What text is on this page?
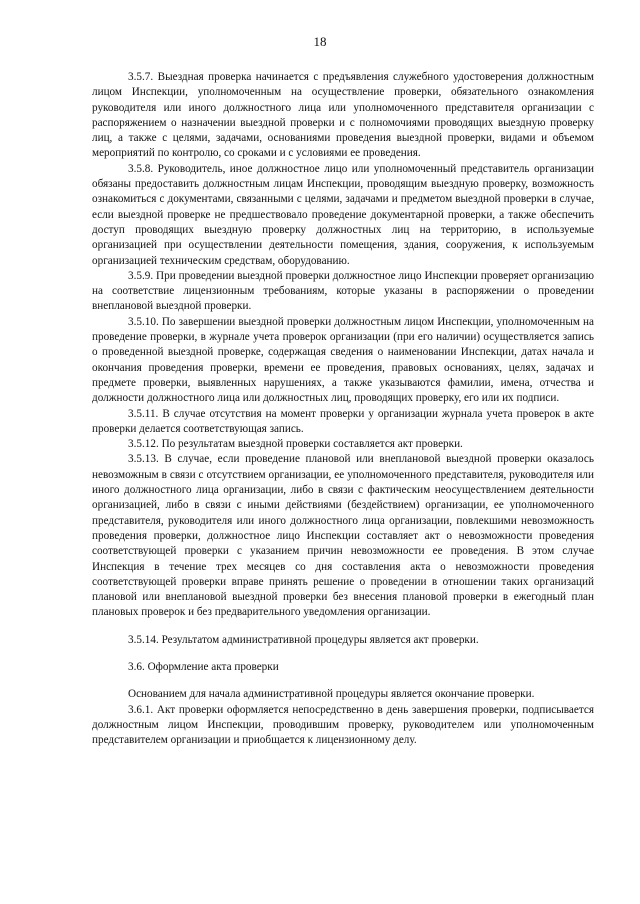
18

3.5.7. Выездная проверка начинается с предъявления служебного удостоверения должностным лицом Инспекции, уполномоченным на осуществление проверки, обязательного ознакомления руководителя или иного должностного лица или уполномоченного представителя организации с распоряжением о назначении выездной проверки и с полномочиями проводящих выездную проверку лиц, а также с целями, задачами, основаниями проведения выездной проверки, видами и объемом мероприятий по контролю, со сроками и с условиями ее проведения.

3.5.8. Руководитель, иное должностное лицо или уполномоченный представитель организации обязаны предоставить должностным лицам Инспекции, проводящим выездную проверку, возможность ознакомиться с документами, связанными с целями, задачами и предметом выездной проверки в случае, если выездной проверке не предшествовало проведение документарной проверки, а также обеспечить доступ проводящих выездную проверку должностных лиц на территорию, в используемые организацией при осуществлении деятельности помещения, здания, сооружения, к используемым организацией техническим средствам, оборудованию.

3.5.9. При проведении выездной проверки должностное лицо Инспекции проверяет организацию на соответствие лицензионным требованиям, которые указаны в распоряжении о проведении внеплановой выездной проверки.

3.5.10. По завершении выездной проверки должностным лицом Инспекции, уполномоченным на проведение проверки, в журнале учета проверок организации (при его наличии) осуществляется запись о проведенной выездной проверке, содержащая сведения о наименовании Инспекции, датах начала и окончания проведения проверки, времени ее проведения, правовых основаниях, целях, задачах и предмете проверки, выявленных нарушениях, а также указываются фамилии, имена, отчества и должности должностного лица или должностных лиц, проводящих проверку, его или их подписи.

3.5.11. В случае отсутствия на момент проверки у организации журнала учета проверок в акте проверки делается соответствующая запись.

3.5.12. По результатам выездной проверки составляется акт проверки.

3.5.13. В случае, если проведение плановой или внеплановой выездной проверки оказалось невозможным в связи с отсутствием организации, ее уполномоченного представителя, руководителя или иного должностного лица организации, либо в связи с фактическим неосуществлением деятельности организацией, либо в связи с иными действиями (бездействием) организации, ее уполномоченного представителя, руководителя или иного должностного лица организации, повлекшими невозможность проведения проверки, должностное лицо Инспекции составляет акт о невозможности проведения соответствующей проверки с указанием причин невозможности ее проведения. В этом случае Инспекция в течение трех месяцев со дня составления акта о невозможности проведения соответствующей проверки вправе принять решение о проведении в отношении таких организаций плановой или внеплановой выездной проверки без внесения плановой проверки в ежегодный план плановых проверок и без предварительного уведомления организации.

3.5.14. Результатом административной процедуры является акт проверки.

3.6. Оформление акта проверки

Основанием для начала административной процедуры является окончание проверки.

3.6.1. Акт проверки оформляется непосредственно в день завершения проверки, подписывается должностным лицом Инспекции, проводившим проверку, руководителем или уполномоченным представителем организации и приобщается к лицензионному делу.
